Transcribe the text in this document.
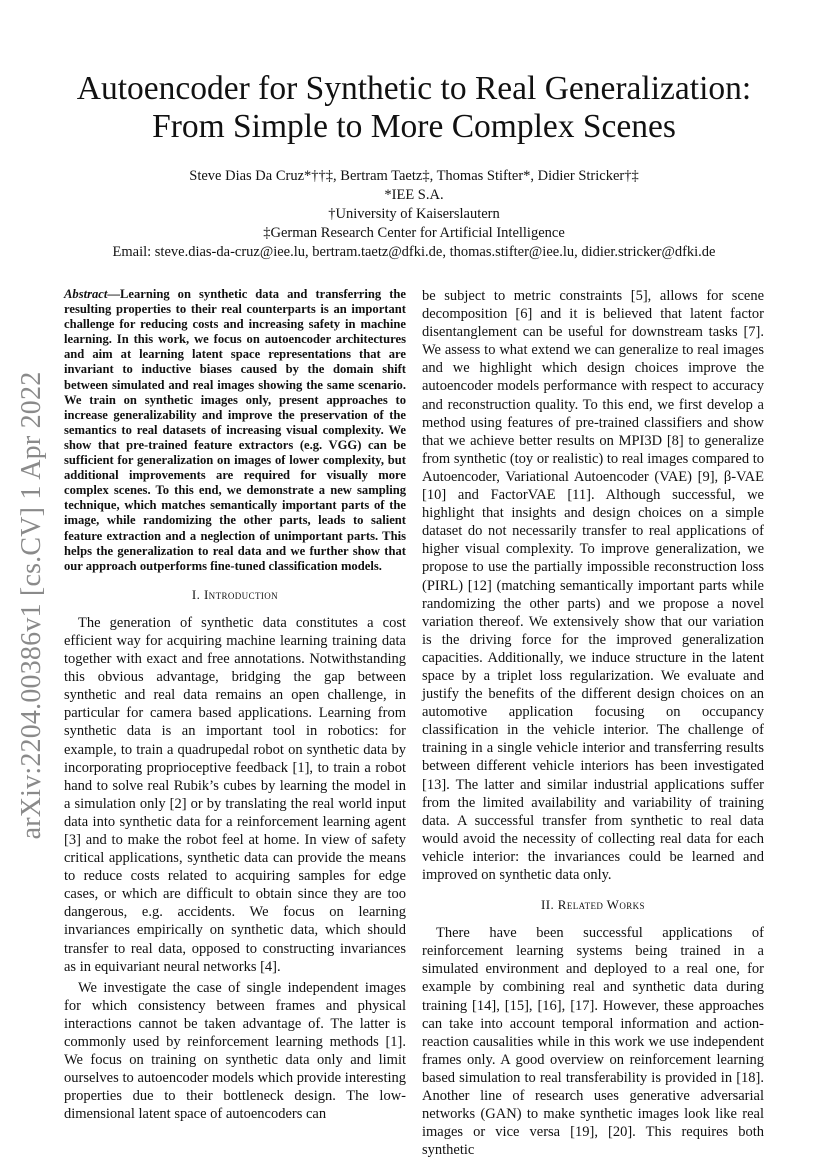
arXiv:2204.00386v1 [cs.CV] 1 Apr 2022
Autoencoder for Synthetic to Real Generalization:
From Simple to More Complex Scenes
Steve Dias Da Cruz*††‡, Bertram Taetz‡, Thomas Stifter*, Didier Stricker†‡
*IEE S.A.
†University of Kaiserslautern
‡German Research Center for Artificial Intelligence
Email: steve.dias-da-cruz@iee.lu, bertram.taetz@dfki.de, thomas.stifter@iee.lu, didier.stricker@dfki.de

Abstract—Learning on synthetic data and transferring the resulting properties to their real counterparts is an important challenge for reducing costs and increasing safety in machine learning. In this work, we focus on autoencoder architectures and aim at learning latent space representations that are invariant to inductive biases caused by the domain shift between simulated and real images showing the same scenario. We train on synthetic images only, present approaches to increase generalizability and improve the preservation of the semantics to real datasets of increasing visual complexity. We show that pre-trained feature extractors (e.g. VGG) can be sufficient for generalization on images of lower complexity, but additional improvements are required for visually more complex scenes. To this end, we demonstrate a new sampling technique, which matches semantically important parts of the image, while randomizing the other parts, leads to salient feature extraction and a neglection of unimportant parts. This helps the generalization to real data and we further show that our approach outperforms fine-tuned classification models.

I. Introduction

The generation of synthetic data constitutes a cost efficient way for acquiring machine learning training data together with exact and free annotations. Notwithstanding this obvious advantage, bridging the gap between synthetic and real data remains an open challenge, in particular for camera based applications. Learning from synthetic data is an important tool in robotics: for example, to train a quadrupedal robot on synthetic data by incorporating proprioceptive feedback [1], to train a robot hand to solve real Rubik’s cubes by learning the model in a simulation only [2] or by translating the real world input data into synthetic data for a reinforcement learning agent [3] and to make the robot feel at home. In view of safety critical applications, synthetic data can provide the means to reduce costs related to acquiring samples for edge cases, or which are difficult to obtain since they are too dangerous, e.g. accidents. We focus on learning invariances empirically on synthetic data, which should transfer to real data, opposed to constructing invariances as in equivariant neural networks [4].

We investigate the case of single independent images for which consistency between frames and physical interactions cannot be taken advantage of. The latter is commonly used by reinforcement learning methods [1]. We focus on training on synthetic data only and limit ourselves to autoencoder models which provide interesting properties due to their bottleneck design. The low-dimensional latent space of autoencoders can

be subject to metric constraints [5], allows for scene decomposition [6] and it is believed that latent factor disentanglement can be useful for downstream tasks [7]. We assess to what extend we can generalize to real images and we highlight which design choices improve the autoencoder models performance with respect to accuracy and reconstruction quality. To this end, we first develop a method using features of pre-trained classifiers and show that we achieve better results on MPI3D [8] to generalize from synthetic (toy or realistic) to real images compared to Autoencoder, Variational Autoencoder (VAE) [9], β-VAE [10] and FactorVAE [11]. Although successful, we highlight that insights and design choices on a simple dataset do not necessarily transfer to real applications of higher visual complexity. To improve generalization, we propose to use the partially impossible reconstruction loss (PIRL) [12] (matching semantically important parts while randomizing the other parts) and we propose a novel variation thereof. We extensively show that our variation is the driving force for the improved generalization capacities. Additionally, we induce structure in the latent space by a triplet loss regularization. We evaluate and justify the benefits of the different design choices on an automotive application focusing on occupancy classification in the vehicle interior. The challenge of training in a single vehicle interior and transferring results between different vehicle interiors has been investigated [13]. The latter and similar industrial applications suffer from the limited availability and variability of training data. A successful transfer from synthetic to real data would avoid the necessity of collecting real data for each vehicle interior: the invariances could be learned and improved on synthetic data only.

II. Related Works

There have been successful applications of reinforcement learning systems being trained in a simulated environment and deployed to a real one, for example by combining real and synthetic data during training [14], [15], [16], [17]. However, these approaches can take into account temporal information and action-reaction causalities while in this work we use independent frames only. A good overview on reinforcement learning based simulation to real transferability is provided in [18]. Another line of research uses generative adversarial networks (GAN) to make synthetic images look like real images or vice versa [19], [20]. This requires both synthetic
